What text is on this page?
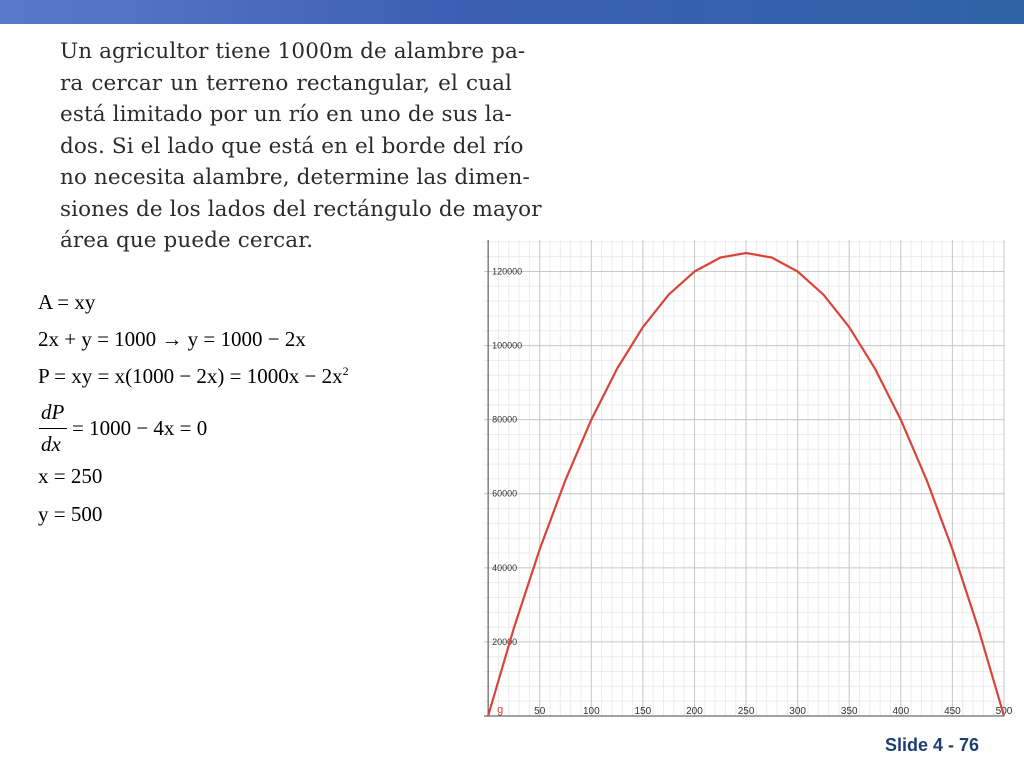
Un agricultor tiene 1000m de alambre pa-
ra cercar un terreno rectangular, el cual
está limitado por un río en uno de sus la-
dos. Si el lado que está en el borde del río
no necesita alambre, determine las dimen-
siones de los lados del rectángulo de mayor
área que puede cercar.
A = xy
2x + y = 1000 → y = 1000 − 2x
P = xy = $x(1000 - 2x) = 1000x - 2x^2$
dP
dx
= 1000 − 4x = 0
x = 250
y = 500
50	100	150	200	250	300	350	400	450	500
20000
40000
60000
80000
100000
120000
g
Slide 4 - 76
